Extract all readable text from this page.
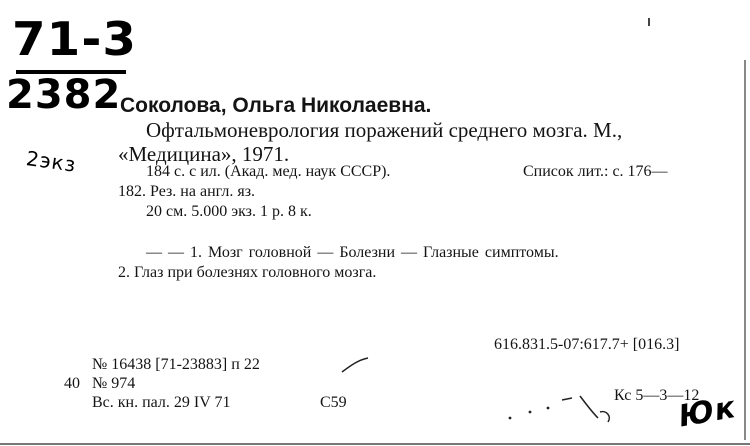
71-3
2382
2экз
Соколова, Ольга Николаевна.
Офтальмоневрология поражений среднего мозга. М.,
«Медицина», 1971.
184 с. с ил. (Акад. мед. наук СССР).	Список лит.: с. 176—
182. Рез. на англ. яз.
20 см. 5.000 экз. 1 р. 8 к.
— — 1. Мозг головной — Болезни — Глазные симптомы.
2. Глаз при болезнях головного мозга.
616.831.5-07:617.7+ [016.3]
№ 16438 [71-23883] п 22
40 № 974
Вс. кн. пал. 29 IV 71	С59	Кс 5—3—12
Юк
